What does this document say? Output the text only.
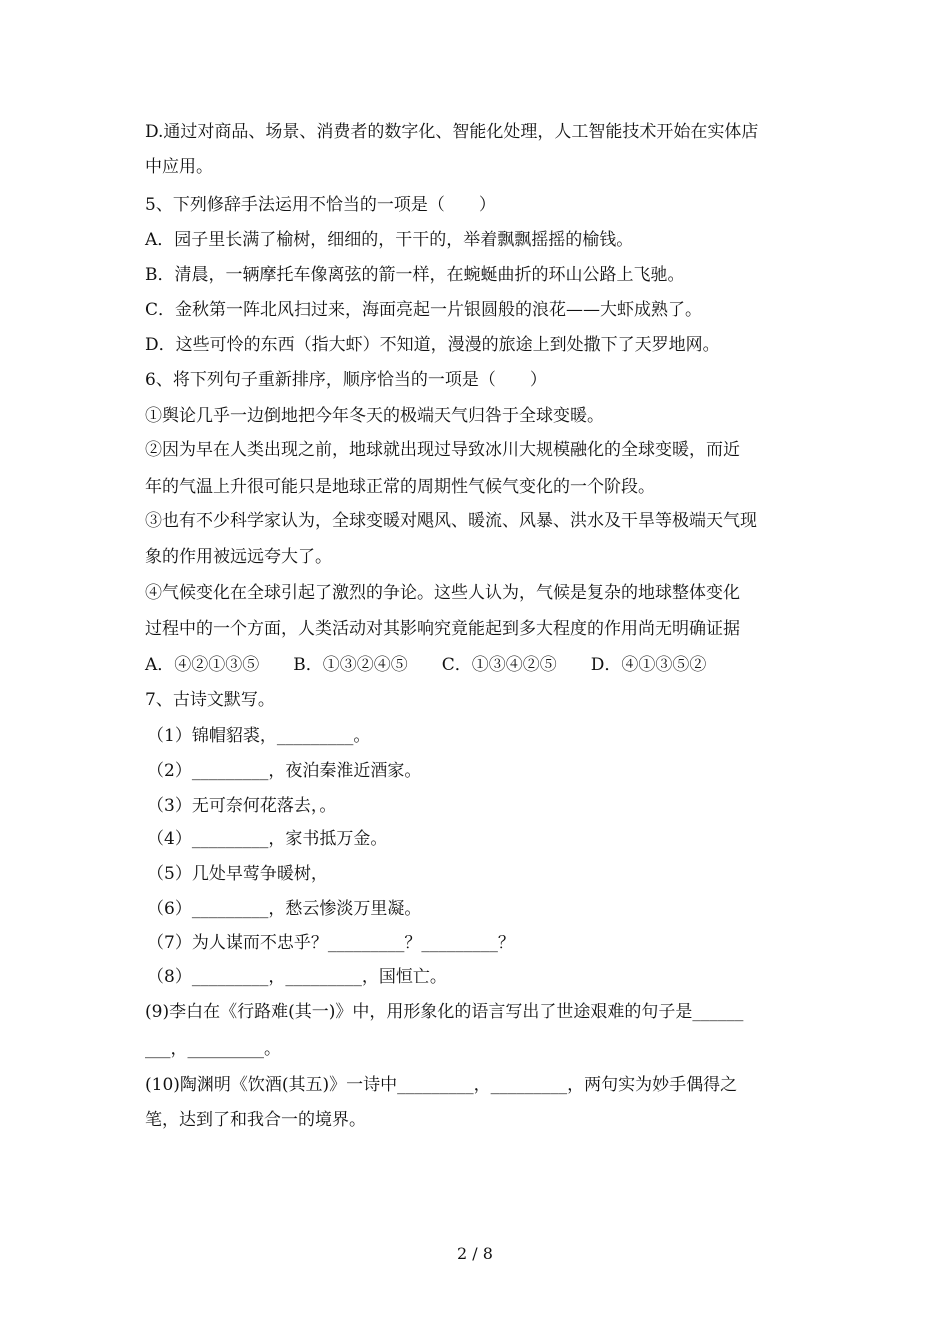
D.通过对商品、场景、消费者的数字化、智能化处理，人工智能技术开始在实体店
中应用。
5、下列修辞手法运用不恰当的一项是（　　）
A．园子里长满了榆树，细细的，干干的，举着飘飘摇摇的榆钱。
B．清晨，一辆摩托车像离弦的箭一样，在蜿蜒曲折的环山公路上飞驰。
C．金秋第一阵北风扫过来，海面亮起一片银圆般的浪花——大虾成熟了。
D．这些可怜的东西（指大虾）不知道，漫漫的旅途上到处撒下了天罗地网。
6、将下列句子重新排序，顺序恰当的一项是（　　）
①舆论几乎一边倒地把今年冬天的极端天气归咎于全球变暖。
②因为早在人类出现之前，地球就出现过导致冰川大规模融化的全球变暖，而近
年的气温上升很可能只是地球正常的周期性气候气变化的一个阶段。
③也有不少科学家认为，全球变暖对飓风、暖流、风暴、洪水及干旱等极端天气现
象的作用被远远夸大了。
④气候变化在全球引起了激烈的争论。这些人认为，气候是复杂的地球整体变化
过程中的一个方面，人类活动对其影响究竟能起到多大程度的作用尚无明确证据
A．④②①③⑤　　B．①③②④⑤　　C．①③④②⑤　　D．④①③⑤②
7、古诗文默写。
（1）锦帽貂裘，_________。
（2）_________，夜泊秦淮近酒家。
（3）无可奈何花落去，。
（4）_________，家书抵万金。
（5）几处早莺争暖树，
（6）_________，愁云惨淡万里凝。
（7）为人谋而不忠乎？_________？_________？
（8）_________，_________，国恒亡。
(9)李白在《行路难(其一)》中，用形象化的语言写出了世途艰难的句子是______
___，_________。
(10)陶渊明《饮酒(其五)》一诗中_________，_________，两句实为妙手偶得之
笔，达到了和我合一的境界。
2 / 8
